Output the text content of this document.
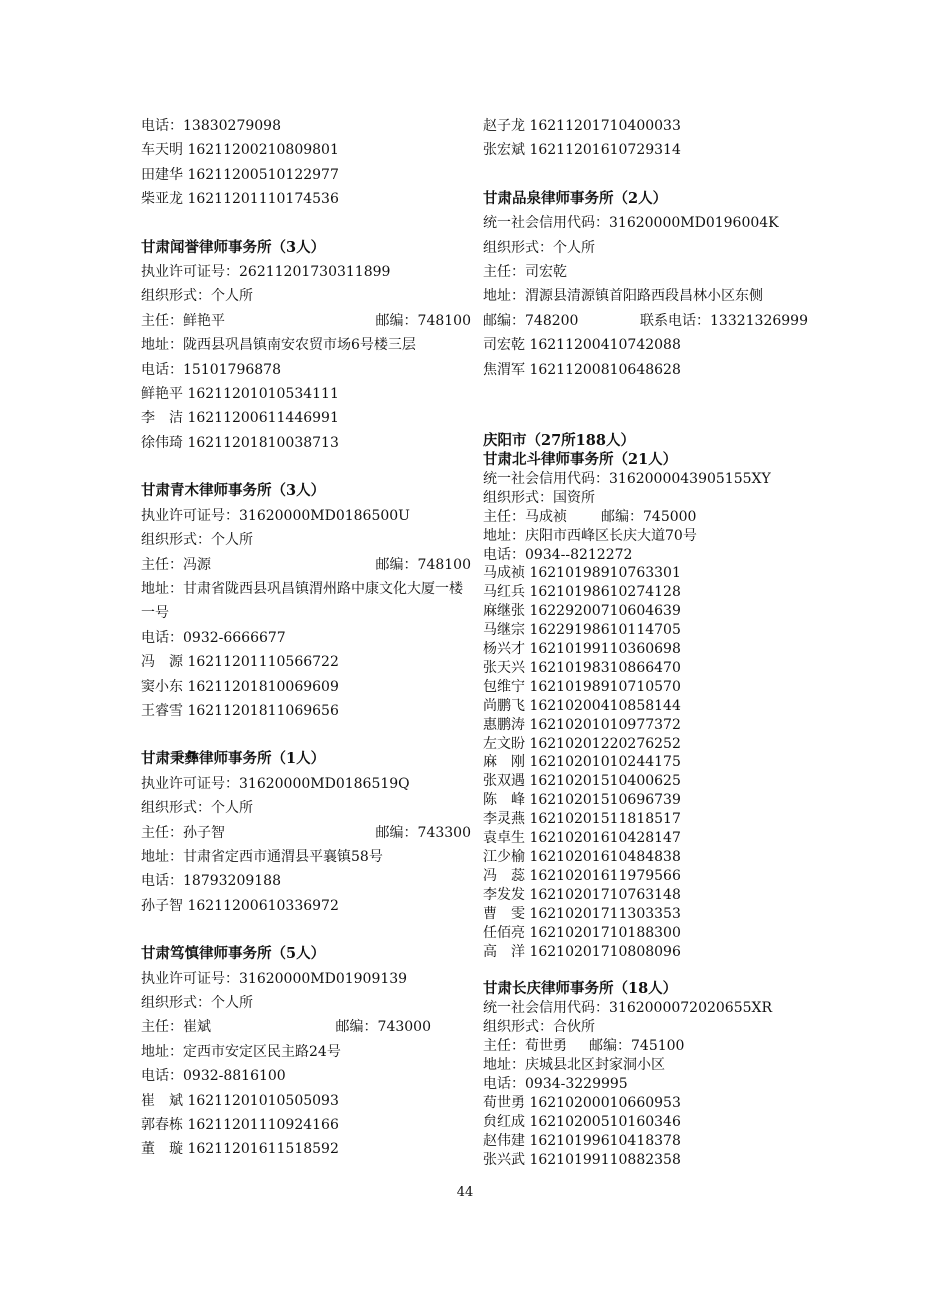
电话：13830279098

车天明 16211200210809801

田建华 16211200510122977

柴亚龙 16211201110174536

甘肃闻誉律师事务所（3人）

执业许可证号：26211201730311899

组织形式：个人所

主任：鲜艳平	邮编：748100

地址：陇西县巩昌镇南安农贸市场6号楼三层

电话：15101796878

鲜艳平 16211201010534111

李　洁 16211200611446991

徐伟琦 16211201810038713

甘肃青木律师事务所（3人）

执业许可证号：31620000MD0186500U

组织形式：个人所

主任：冯源	邮编：748100

地址：甘肃省陇西县巩昌镇渭州路中康文化大厦一楼一号

电话：0932-6666677

冯　源 16211201110566722

窦小东 16211201810069609

王睿雪 16211201811069656

甘肃秉彝律师事务所（1人）

执业许可证号：31620000MD0186519Q

组织形式：个人所

主任：孙子智	邮编：743300

地址：甘肃省定西市通渭县平襄镇58号

电话：18793209188

孙子智 16211200610336972

甘肃笃慎律师事务所（5人）

执业许可证号：31620000MD01909139

组织形式：个人所

主任：崔斌	邮编：743000

地址：定西市安定区民主路24号

电话：0932-8816100

崔　斌 16211201010505093

郭春栋 16211201110924166

董　璇 16211201611518592

赵子龙 16211201710400033

张宏斌 16211201610729314

甘肃品泉律师事务所（2人）

统一社会信用代码：31620000MD0196004K

组织形式：个人所

主任：司宏乾

地址：渭源县清源镇首阳路西段昌林小区东侧

邮编：748200	联系电话：13321326999

司宏乾 16211200410742088

焦渭军 16211200810648628

庆阳市（27所188人）

甘肃北斗律师事务所（21人）

统一社会信用代码：3162000043905155XY

组织形式：国资所

主任：马成祯 邮编：745000

地址：庆阳市西峰区长庆大道70号

电话：0934--8212272

马成祯 16210198910763301

马红兵 16210198610274128

麻继张 16229200710604639

马继宗 16229198610114705

杨兴才 16210199110360698

张天兴 16210198310866470

包维宁 16210198910710570

尚鹏飞 16210200410858144

惠鹏涛 16210201010977372

左文盼 16210201220276252

麻　刚 16210201010244175

张双遇 16210201510400625

陈　峰 16210201510696739

李灵燕 16210201511818517

袁卓生 16210201610428147

江少榆 16210201610484838

冯　蕊 16210201611979566

李发发 16210201710763148

曹　雯 16210201711303353

任佰亮 16210201710188300

高　洋 16210201710808096

甘肃长庆律师事务所（18人）

统一社会信用代码：3162000072020655XR

组织形式：合伙所

主任：荀世勇 邮编：745100

地址：庆城县北区封家洞小区

电话：0934-3229995

荀世勇 16210200010660953

贠红成 16210200510160346

赵伟建 16210199610418378

张兴武 16210199110882358

44
